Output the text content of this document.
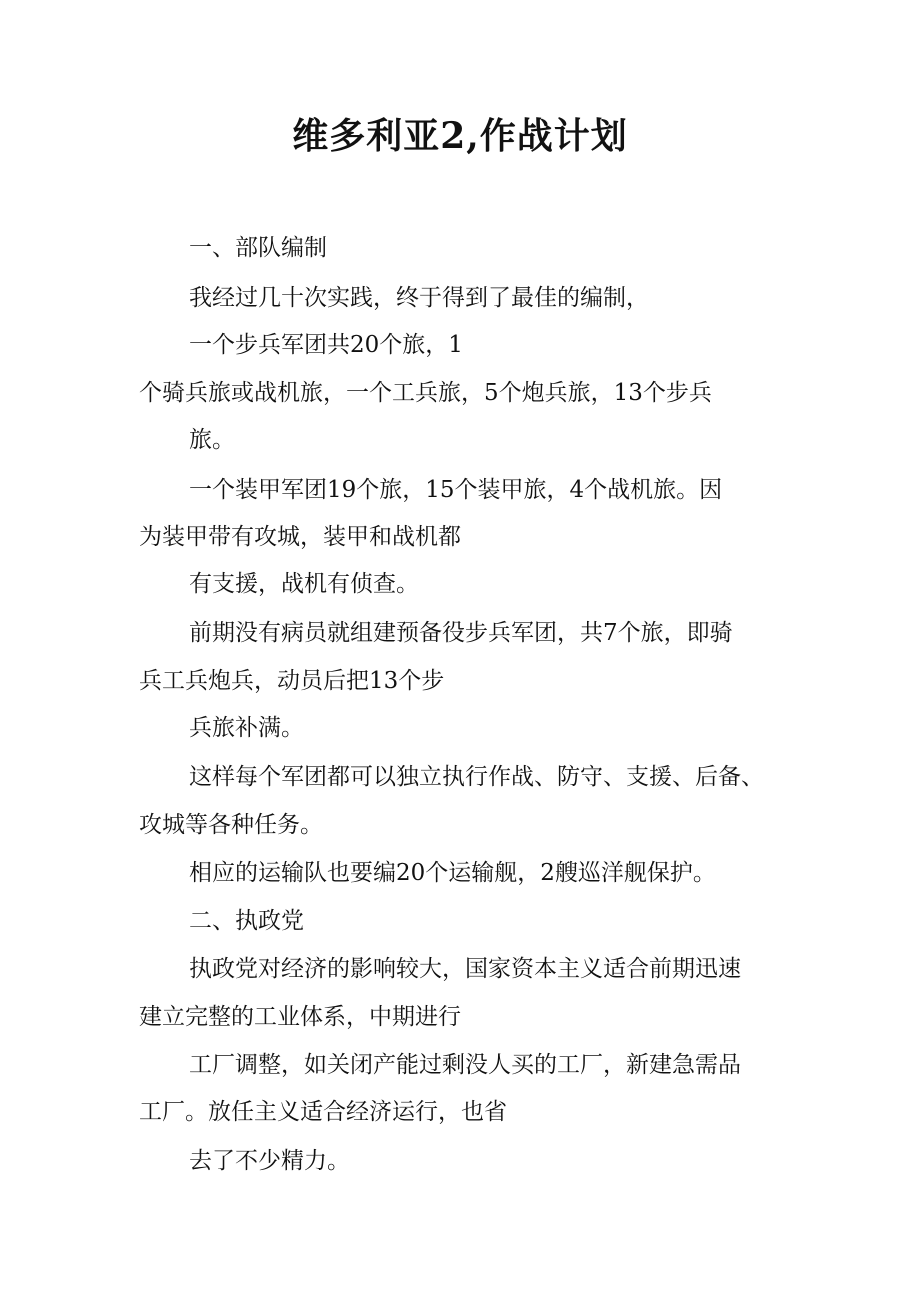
维多利亚2,作战计划
一、部队编制
我经过几十次实践，终于得到了最佳的编制，
一个步兵军团共20个旅，1
个骑兵旅或战机旅，一个工兵旅，5个炮兵旅，13个步兵
旅。
一个装甲军团19个旅，15个装甲旅，4个战机旅。因
为装甲带有攻城，装甲和战机都
有支援，战机有侦查。
前期没有病员就组建预备役步兵军团，共7个旅，即骑
兵工兵炮兵，动员后把13个步
兵旅补满。
这样每个军团都可以独立执行作战、防守、支援、后备、
攻城等各种任务。
相应的运输队也要编20个运输舰，2艘巡洋舰保护。
二、执政党
执政党对经济的影响较大，国家资本主义适合前期迅速
建立完整的工业体系，中期进行
工厂调整，如关闭产能过剩没人买的工厂，新建急需品
工厂。放任主义适合经济运行，也省
去了不少精力。
